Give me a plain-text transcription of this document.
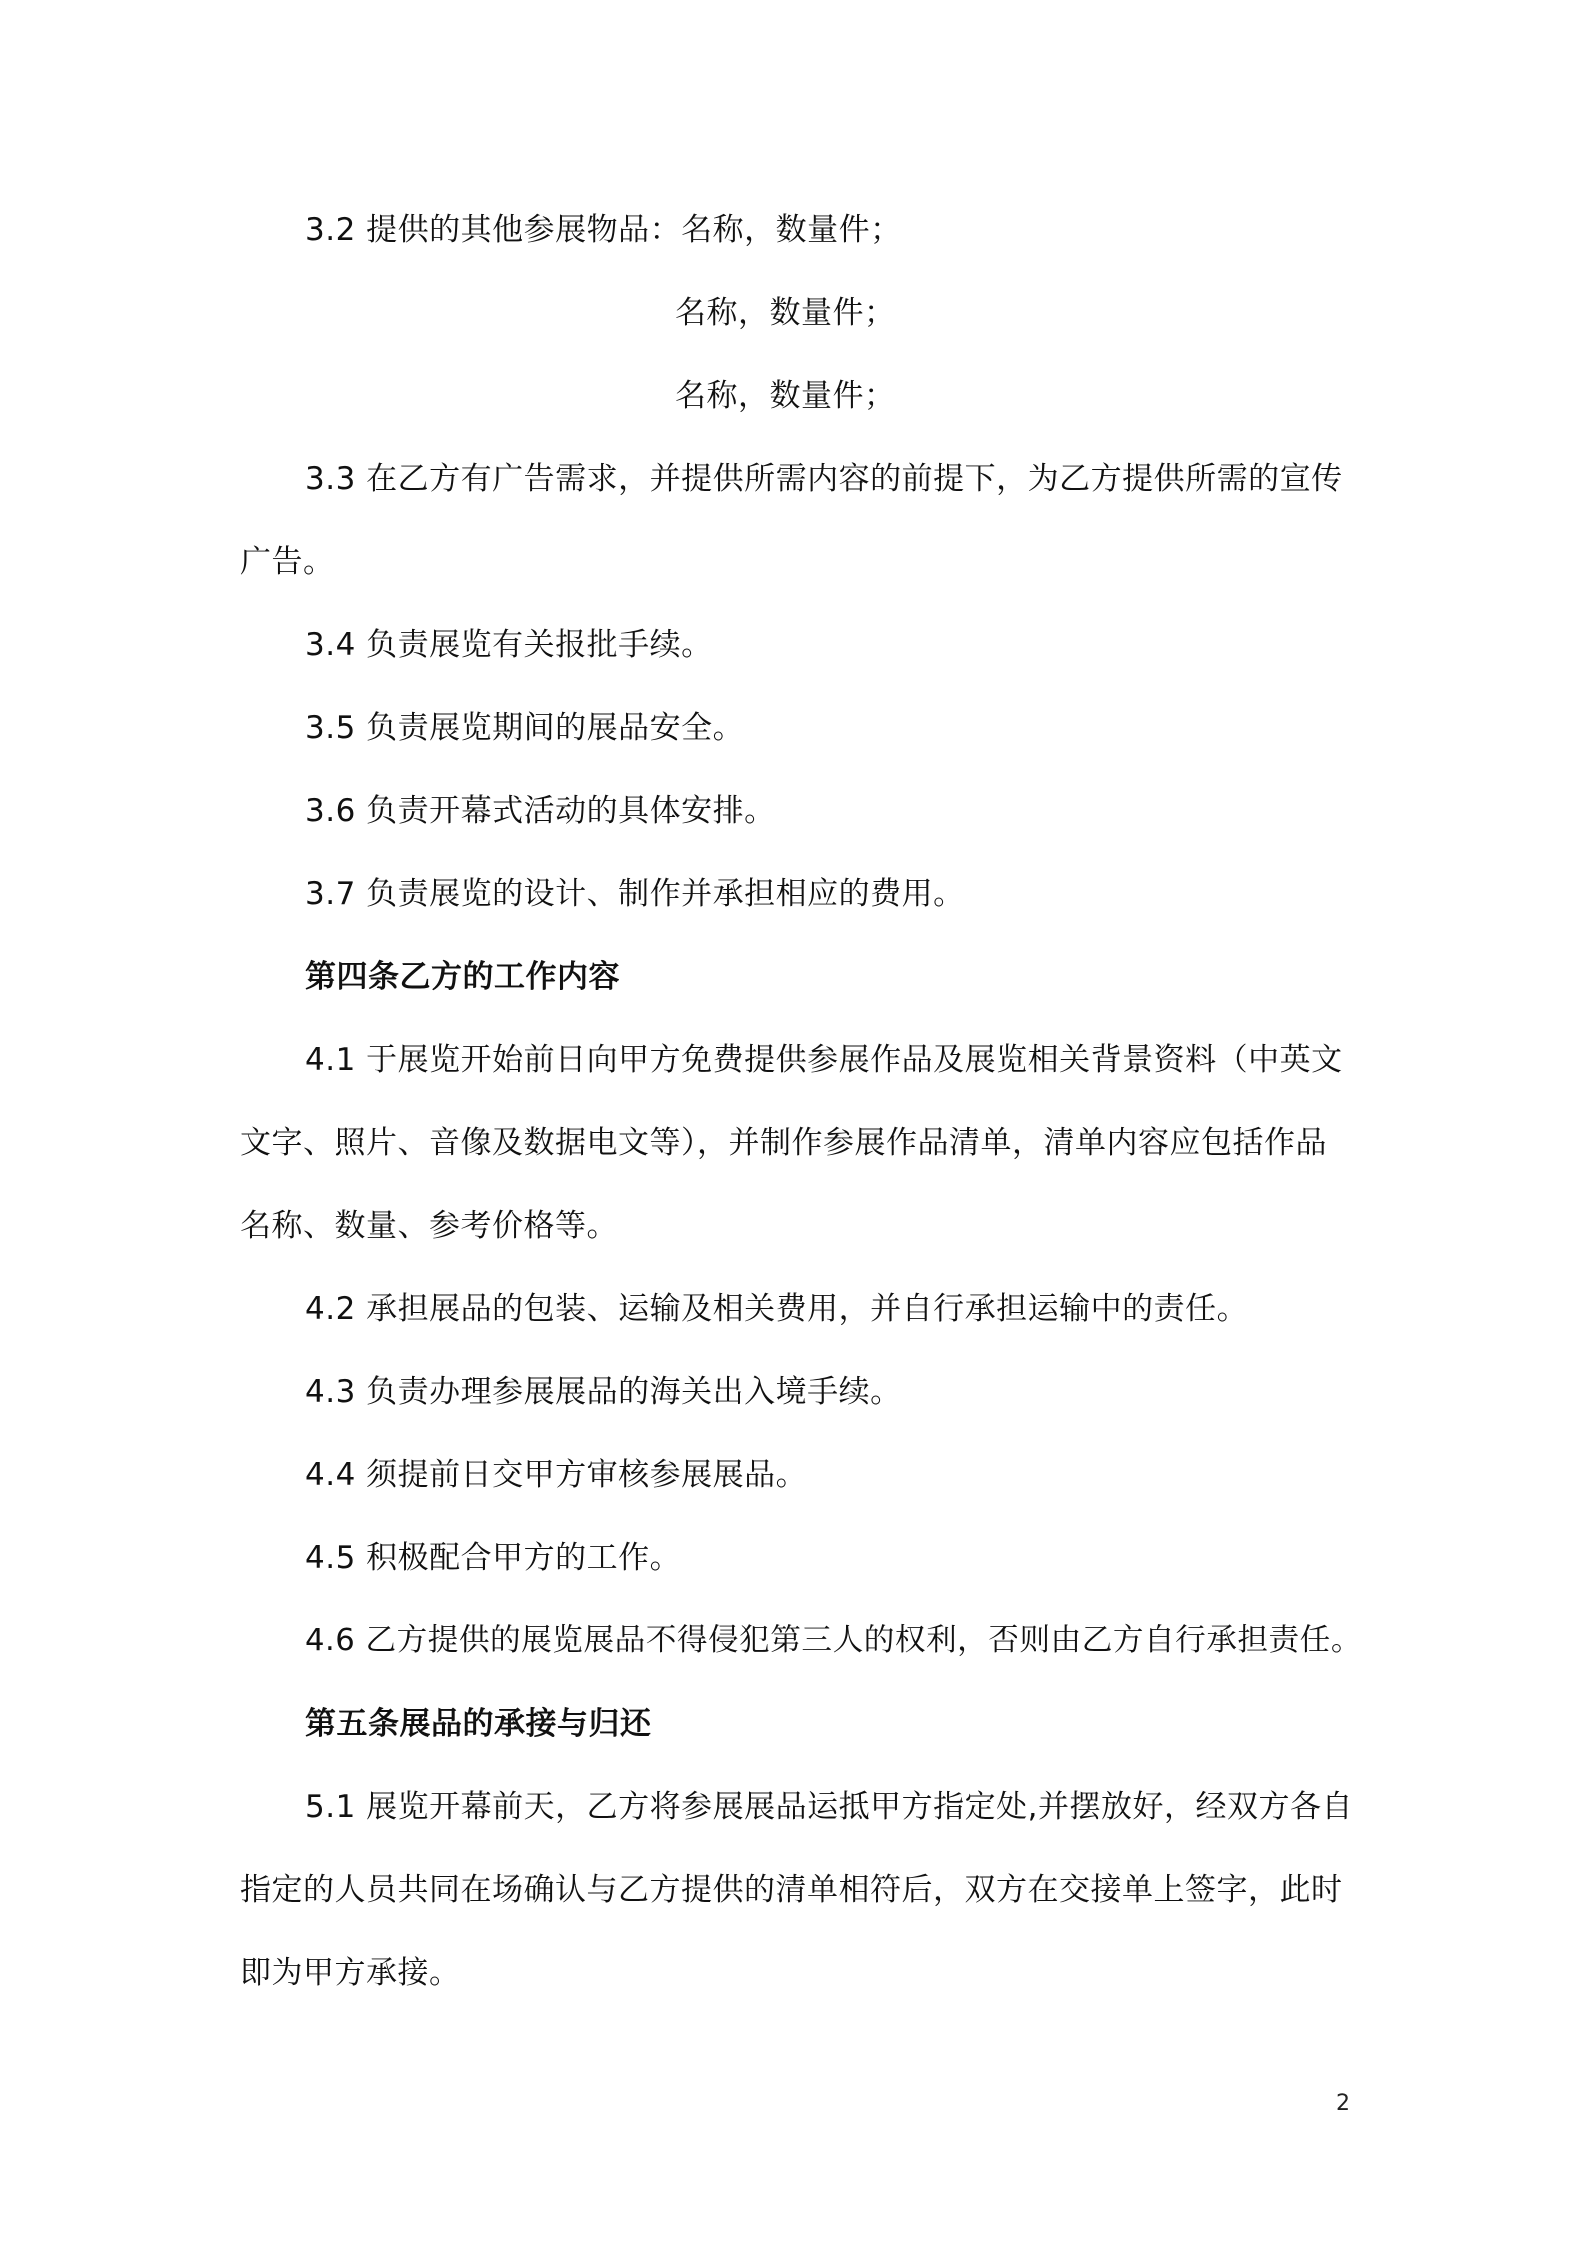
3.2 提供的其他参展物品：名称，数量件；
名称，数量件；
名称，数量件；
3.3 在乙方有广告需求，并提供所需内容的前提下，为乙方提供所需的宣传
广告。
3.4 负责展览有关报批手续。
3.5 负责展览期间的展品安全。
3.6 负责开幕式活动的具体安排。
3.7 负责展览的设计、制作并承担相应的费用。
第四条乙方的工作内容
4.1 于展览开始前日向甲方免费提供参展作品及展览相关背景资料（中英文
文字、照片、音像及数据电文等），并制作参展作品清单，清单内容应包括作品
名称、数量、参考价格等。
4.2 承担展品的包装、运输及相关费用，并自行承担运输中的责任。
4.3 负责办理参展展品的海关出入境手续。
4.4 须提前日交甲方审核参展展品。
4.5 积极配合甲方的工作。
4.6 乙方提供的展览展品不得侵犯第三人的权利，否则由乙方自行承担责任。
第五条展品的承接与归还
5.1 展览开幕前天，乙方将参展展品运抵甲方指定处,并摆放好，经双方各自
指定的人员共同在场确认与乙方提供的清单相符后，双方在交接单上签字，此时
即为甲方承接。
2
